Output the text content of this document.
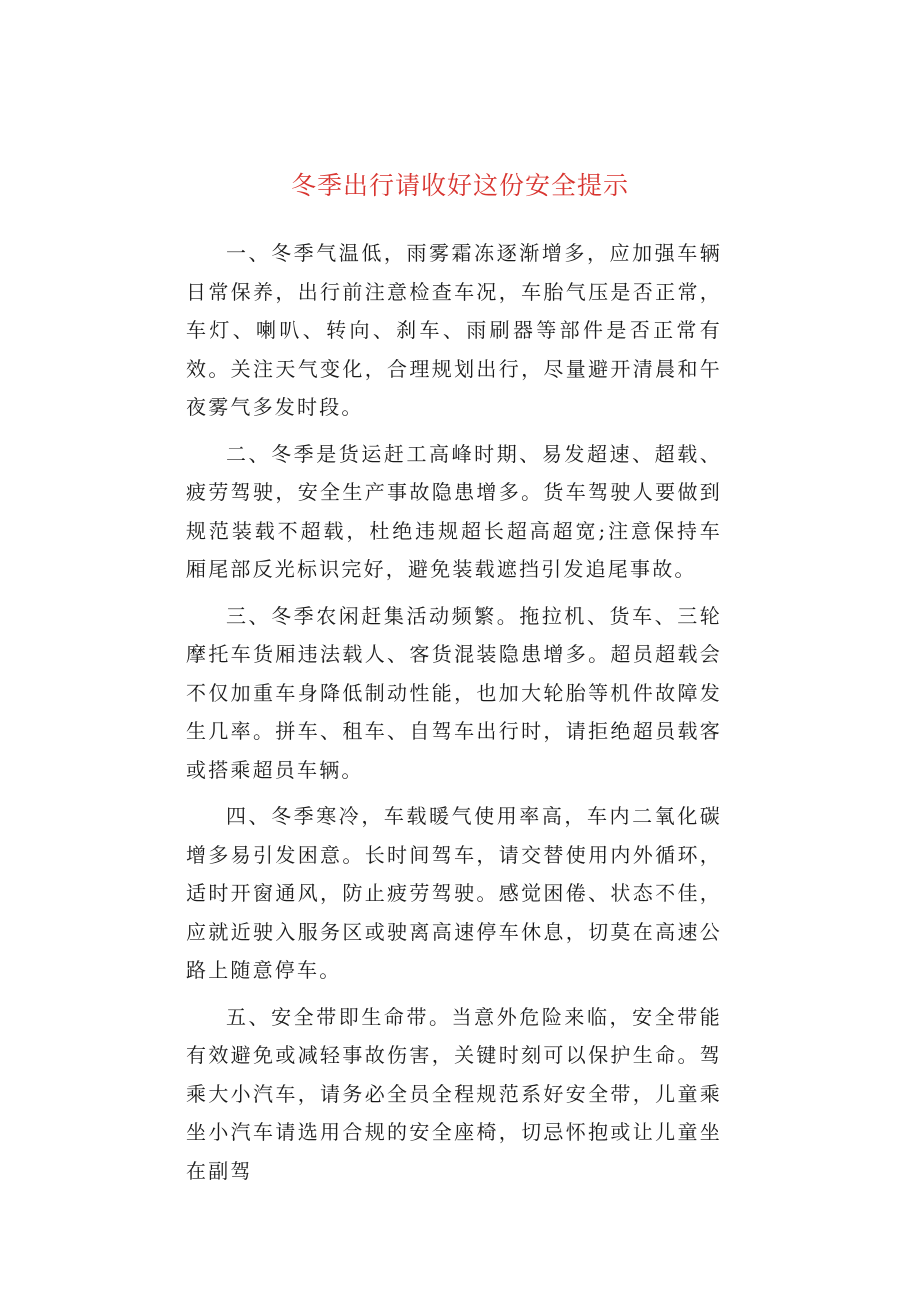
冬季出行请收好这份安全提示

一、冬季气温低，雨雾霜冻逐渐增多，应加强车辆日常保养，出行前注意检查车况，车胎气压是否正常，车灯、喇叭、转向、刹车、雨刷器等部件是否正常有效。关注天气变化，合理规划出行，尽量避开清晨和午夜雾气多发时段。

二、冬季是货运赶工高峰时期、易发超速、超载、疲劳驾驶，安全生产事故隐患增多。货车驾驶人要做到规范装载不超载，杜绝违规超长超高超宽;注意保持车厢尾部反光标识完好，避免装载遮挡引发追尾事故。

三、冬季农闲赶集活动频繁。拖拉机、货车、三轮摩托车货厢违法载人、客货混装隐患增多。超员超载会不仅加重车身降低制动性能，也加大轮胎等机件故障发生几率。拼车、租车、自驾车出行时，请拒绝超员载客或搭乘超员车辆。

四、冬季寒冷，车载暖气使用率高，车内二氧化碳增多易引发困意。长时间驾车，请交替使用内外循环，适时开窗通风，防止疲劳驾驶。感觉困倦、状态不佳，应就近驶入服务区或驶离高速停车休息，切莫在高速公路上随意停车。

五、安全带即生命带。当意外危险来临，安全带能有效避免或减轻事故伤害，关键时刻可以保护生命。驾乘大小汽车，请务必全员全程规范系好安全带，儿童乘坐小汽车请选用合规的安全座椅，切忌怀抱或让儿童坐在副驾
